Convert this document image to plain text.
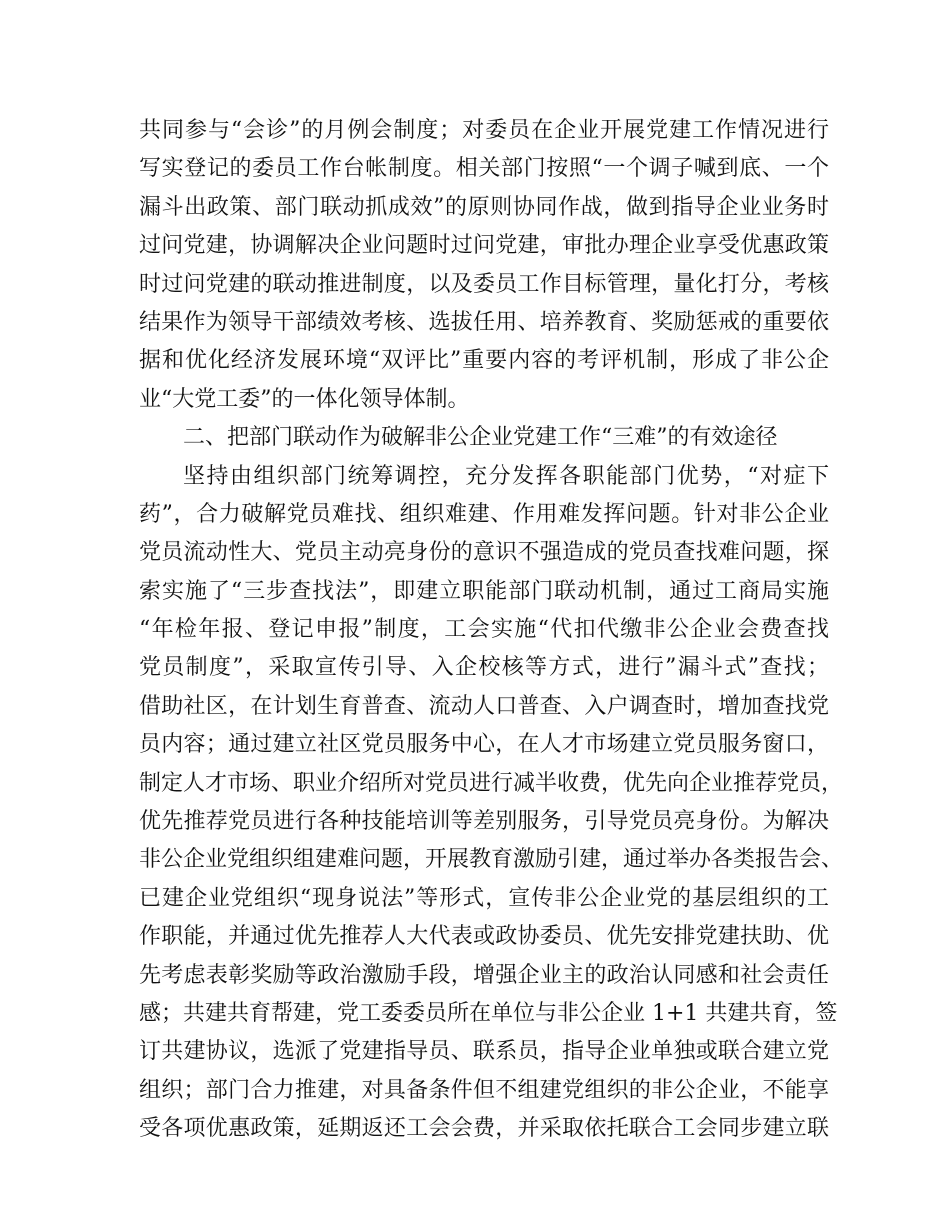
共同参与“会诊”的月例会制度；对委员在企业开展党建工作情况进行
写实登记的委员工作台帐制度。相关部门按照“一个调子喊到底、一个
漏斗出政策、部门联动抓成效”的原则协同作战，做到指导企业业务时
过问党建，协调解决企业问题时过问党建，审批办理企业享受优惠政策
时过问党建的联动推进制度，以及委员工作目标管理，量化打分，考核
结果作为领导干部绩效考核、选拔任用、培养教育、奖励惩戒的重要依
据和优化经济发展环境“双评比”重要内容的考评机制，形成了非公企
业“大党工委”的一体化领导体制。
二、把部门联动作为破解非公企业党建工作“三难”的有效途径
坚持由组织部门统筹调控，充分发挥各职能部门优势，“对症下
药”，合力破解党员难找、组织难建、作用难发挥问题。针对非公企业
党员流动性大、党员主动亮身份的意识不强造成的党员查找难问题，探
索实施了“三步查找法”，即建立职能部门联动机制，通过工商局实施
“年检年报、登记申报”制度，工会实施“代扣代缴非公企业会费查找
党员制度”，采取宣传引导、入企校核等方式，进行”漏斗式”查找；
借助社区，在计划生育普查、流动人口普查、入户调查时，增加查找党
员内容；通过建立社区党员服务中心，在人才市场建立党员服务窗口，
制定人才市场、职业介绍所对党员进行减半收费，优先向企业推荐党员，
优先推荐党员进行各种技能培训等差别服务，引导党员亮身份。为解决
非公企业党组织组建难问题，开展教育激励引建，通过举办各类报告会、
已建企业党组织“现身说法”等形式，宣传非公企业党的基层组织的工
作职能，并通过优先推荐人大代表或政协委员、优先安排党建扶助、优
先考虑表彰奖励等政治激励手段，增强企业主的政治认同感和社会责任
感；共建共育帮建，党工委委员所在单位与非公企业 1+1 共建共育，签
订共建协议，选派了党建指导员、联系员，指导企业单独或联合建立党
组织；部门合力推建，对具备条件但不组建党组织的非公企业，不能享
受各项优惠政策，延期返还工会会费，并采取依托联合工会同步建立联
